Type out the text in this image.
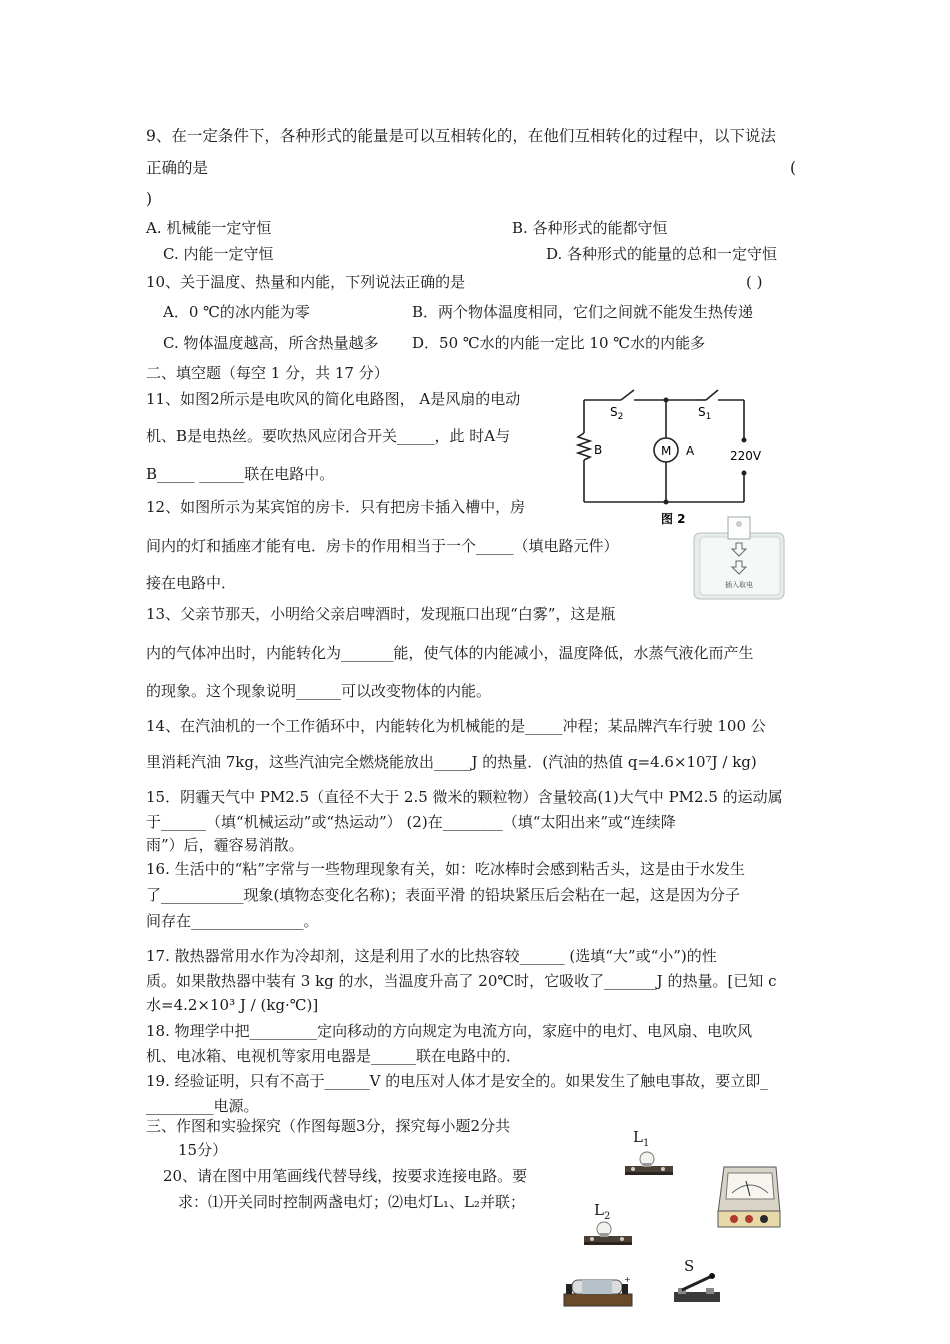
9、在一定条件下，各种形式的能量是可以互相转化的，在他们互相转化的过程中，以下说法
正确的是	(
)
A. 机械能一定守恒	B. 各种形式的能都守恒
C. 内能一定守恒	D. 各种形式的能量的总和一定守恒
10、关于温度、热量和内能，下列说法正确的是	( )
A．0 ℃的冰内能为零	B．两个物体温度相同，它们之间就不能发生热传递
C. 物体温度越高，所含热量越多 D．50 ℃水的内能一定比 10 ℃水的内能多
二、填空题（每空 1 分，共 17 分）
11、如图2所示是电吹风的简化电路图， A是风扇的电动
机、B是电热丝。要吹热风应闭合开关_____，此 时A与
B_____ ______联在电路中。
$S_2$	$S_1$
B	M A	220V
图 2
12、如图所示为某宾馆的房卡．只有把房卡插入槽中，房
间内的灯和插座才能有电．房卡的作用相当于一个_____（填电路元件）
接在电路中．	插入取电
13、父亲节那天，小明给父亲启啤酒时，发现瓶口出现“白雾”，这是瓶
内的气体冲出时，内能转化为_______能，使气体的内能减小，温度降低，水蒸气液化而产生
的现象。这个现象说明______可以改变物体的内能。
14、在汽油机的一个工作循环中，内能转化为机械能的是_____冲程；某品牌汽车行驶 100 公
里消耗汽油 7kg，这些汽油完全燃烧能放出_____J 的热量．(汽油的热值 q=4.6×10⁷J / kg)
15．阴霾天气中 PM2.5（直径不大于 2.5 微米的颗粒物）含量较高(1)大气中 PM2.5 的运动属
于______（填“机械运动”或“热运动”） (2)在________（填“太阳出来”或“连续降
雨”）后，霾容易消散。
16. 生活中的“粘”字常与一些物理现象有关，如：吃冰棒时会感到粘舌头，这是由于水发生
了___________现象(填物态变化名称)；表面平滑 的铅块紧压后会粘在一起，这是因为分子
间存在_______________。
17. 散热器常用水作为冷却剂，这是利用了水的比热容较______ (选填“大”或“小”)的性
质。如果散热器中装有 3 kg 的水，当温度升高了 20℃时，它吸收了_______J 的热量。[已知 c
水=4.2×10³ J / (kg·℃)]
18. 物理学中把_________定向移动的方向规定为电流方向，家庭中的电灯、电风扇、电吹风
机、电冰箱、电视机等家用电器是______联在电路中的．
19. 经验证明，只有不高于______V 的电压对人体才是安全的。如果发生了触电事故，要立即_
_________电源。
三、作图和实验探究（作图每题3分，探究每小题2分共
15分）
20、请在图中用笔画线代替导线，按要求连接电路。要
求：⑴开关同时控制两盏电灯；⑵电灯L₁、L₂并联；
$L_1$
$L_2$
+
S
